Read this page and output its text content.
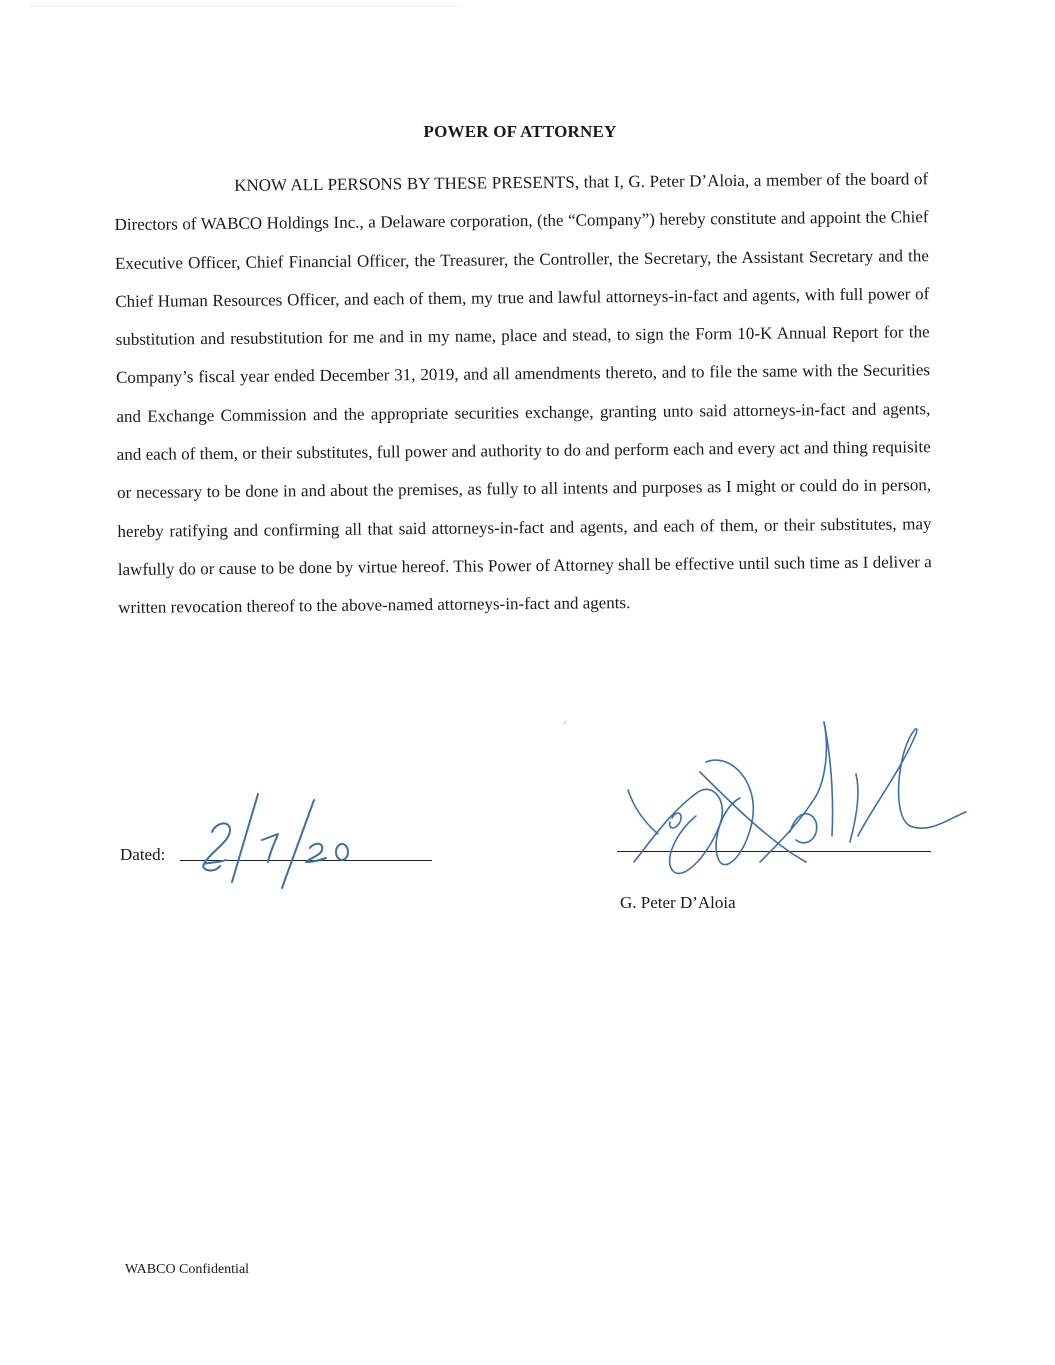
POWER OF ATTORNEY
KNOW ALL PERSONS BY THESE PRESENTS, that I, G. Peter D’Aloia, a member of the board of Directors of WABCO Holdings Inc., a Delaware corporation, (the “Company”) hereby constitute and appoint the Chief Executive Officer, Chief Financial Officer, the Treasurer, the Controller, the Secretary, the Assistant Secretary and the Chief Human Resources Officer, and each of them, my true and lawful attorneys-in-fact and agents, with full power of substitution and resubstitution for me and in my name, place and stead, to sign the Form 10-K Annual Report for the Company’s fiscal year ended December 31, 2019, and all amendments thereto, and to file the same with the Securities and Exchange Commission and the appropriate securities exchange, granting unto said attorneys-in-fact and agents, and each of them, or their substitutes, full power and authority to do and perform each and every act and thing requisite or necessary to be done in and about the premises, as fully to all intents and purposes as I might or could do in person, hereby ratifying and confirming all that said attorneys-in-fact and agents, and each of them, or their substitutes, may lawfully do or cause to be done by virtue hereof. This Power of Attorney shall be effective until such time as I deliver a written revocation thereof to the above-named attorneys-in-fact and agents.
Dated:
G. Peter D’Aloia
WABCO Confidential
